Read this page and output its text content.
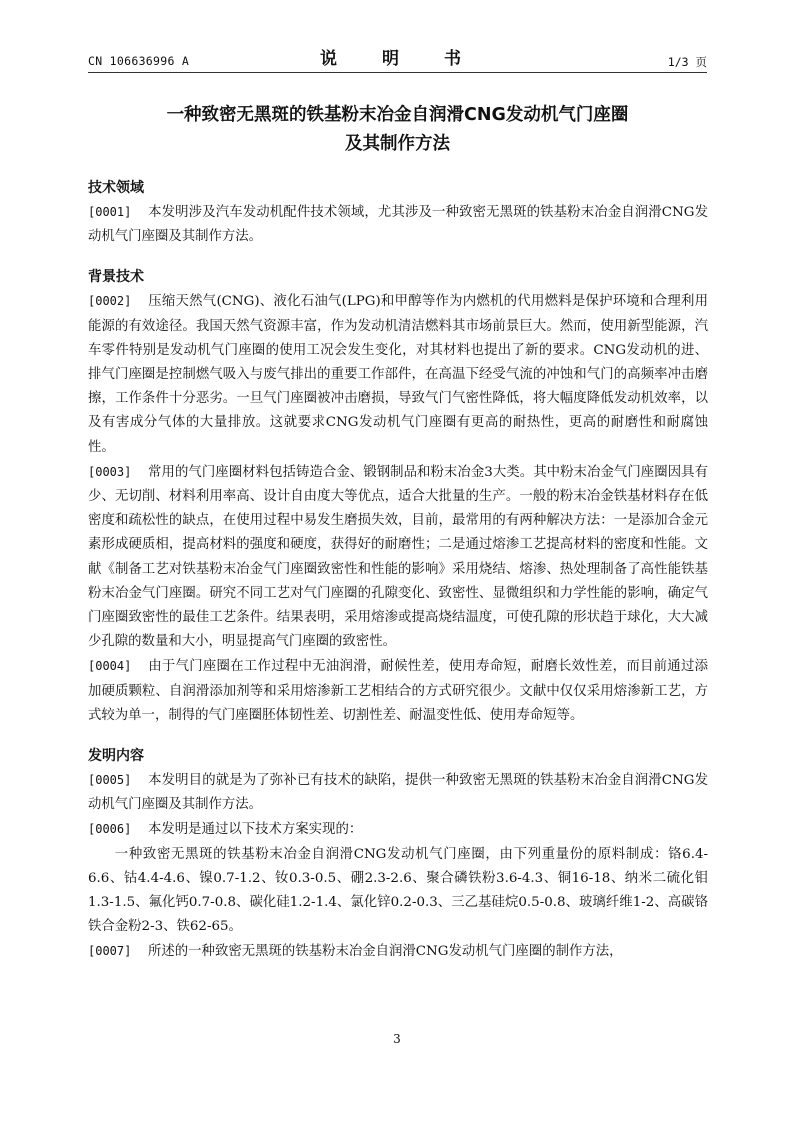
CN 106636996 A	说　明　书	1/3 页
一种致密无黑斑的铁基粉末冶金自润滑CNG发动机气门座圈
及其制作方法

技术领域

[0001] 本发明涉及汽车发动机配件技术领域，尤其涉及一种致密无黑斑的铁基粉末冶金自润滑CNG发动机气门座圈及其制作方法。

背景技术

[0002] 压缩天然气(CNG)、液化石油气(LPG)和甲醇等作为内燃机的代用燃料是保护环境和合理利用能源的有效途径。我国天然气资源丰富，作为发动机清洁燃料其市场前景巨大。然而，使用新型能源，汽车零件特别是发动机气门座圈的使用工况会发生变化，对其材料也提出了新的要求。CNG发动机的进、排气门座圈是控制燃气吸入与废气排出的重要工作部件，在高温下经受气流的冲蚀和气门的高频率冲击磨擦，工作条件十分恶劣。一旦气门座圈被冲击磨损，导致气门气密性降低，将大幅度降低发动机效率，以及有害成分气体的大量排放。这就要求CNG发动机气门座圈有更高的耐热性，更高的耐磨性和耐腐蚀性。

[0003] 常用的气门座圈材料包括铸造合金、锻钢制品和粉末冶金3大类。其中粉末冶金气门座圈因具有少、无切削、材料利用率高、设计自由度大等优点，适合大批量的生产。一般的粉末冶金铁基材料存在低密度和疏松性的缺点，在使用过程中易发生磨损失效，目前，最常用的有两种解决方法：一是添加合金元素形成硬质相，提高材料的强度和硬度，获得好的耐磨性；二是通过熔渗工艺提高材料的密度和性能。文献《制备工艺对铁基粉末冶金气门座圈致密性和性能的影响》采用烧结、熔渗、热处理制备了高性能铁基粉末冶金气门座圈。研究不同工艺对气门座圈的孔隙变化、致密性、显微组织和力学性能的影响，确定气门座圈致密性的最佳工艺条件。结果表明，采用熔渗或提高烧结温度，可使孔隙的形状趋于球化，大大减少孔隙的数量和大小，明显提高气门座圈的致密性。

[0004] 由于气门座圈在工作过程中无油润滑，耐候性差，使用寿命短，耐磨长效性差，而目前通过添加硬质颗粒、自润滑添加剂等和采用熔渗新工艺相结合的方式研究很少。文献中仅仅采用熔渗新工艺，方式较为单一，制得的气门座圈胚体韧性差、切割性差、耐温变性低、使用寿命短等。

发明内容

[0005] 本发明目的就是为了弥补已有技术的缺陷，提供一种致密无黑斑的铁基粉末冶金自润滑CNG发动机气门座圈及其制作方法。

[0006] 本发明是通过以下技术方案实现的：

一种致密无黑斑的铁基粉末冶金自润滑CNG发动机气门座圈，由下列重量份的原料制成：铬6.4-6.6、钴4.4-4.6、镍0.7-1.2、钕0.3-0.5、硼2.3-2.6、聚合磷铁粉3.6-4.3、铜16-18、纳米二硫化钼1.3-1.5、氟化钙0.7-0.8、碳化硅1.2-1.4、氯化锌0.2-0.3、三乙基硅烷0.5-0.8、玻璃纤维1-2、高碳铬铁合金粉2-3、铁62-65。

[0007] 所述的一种致密无黑斑的铁基粉末冶金自润滑CNG发动机气门座圈的制作方法，

3
